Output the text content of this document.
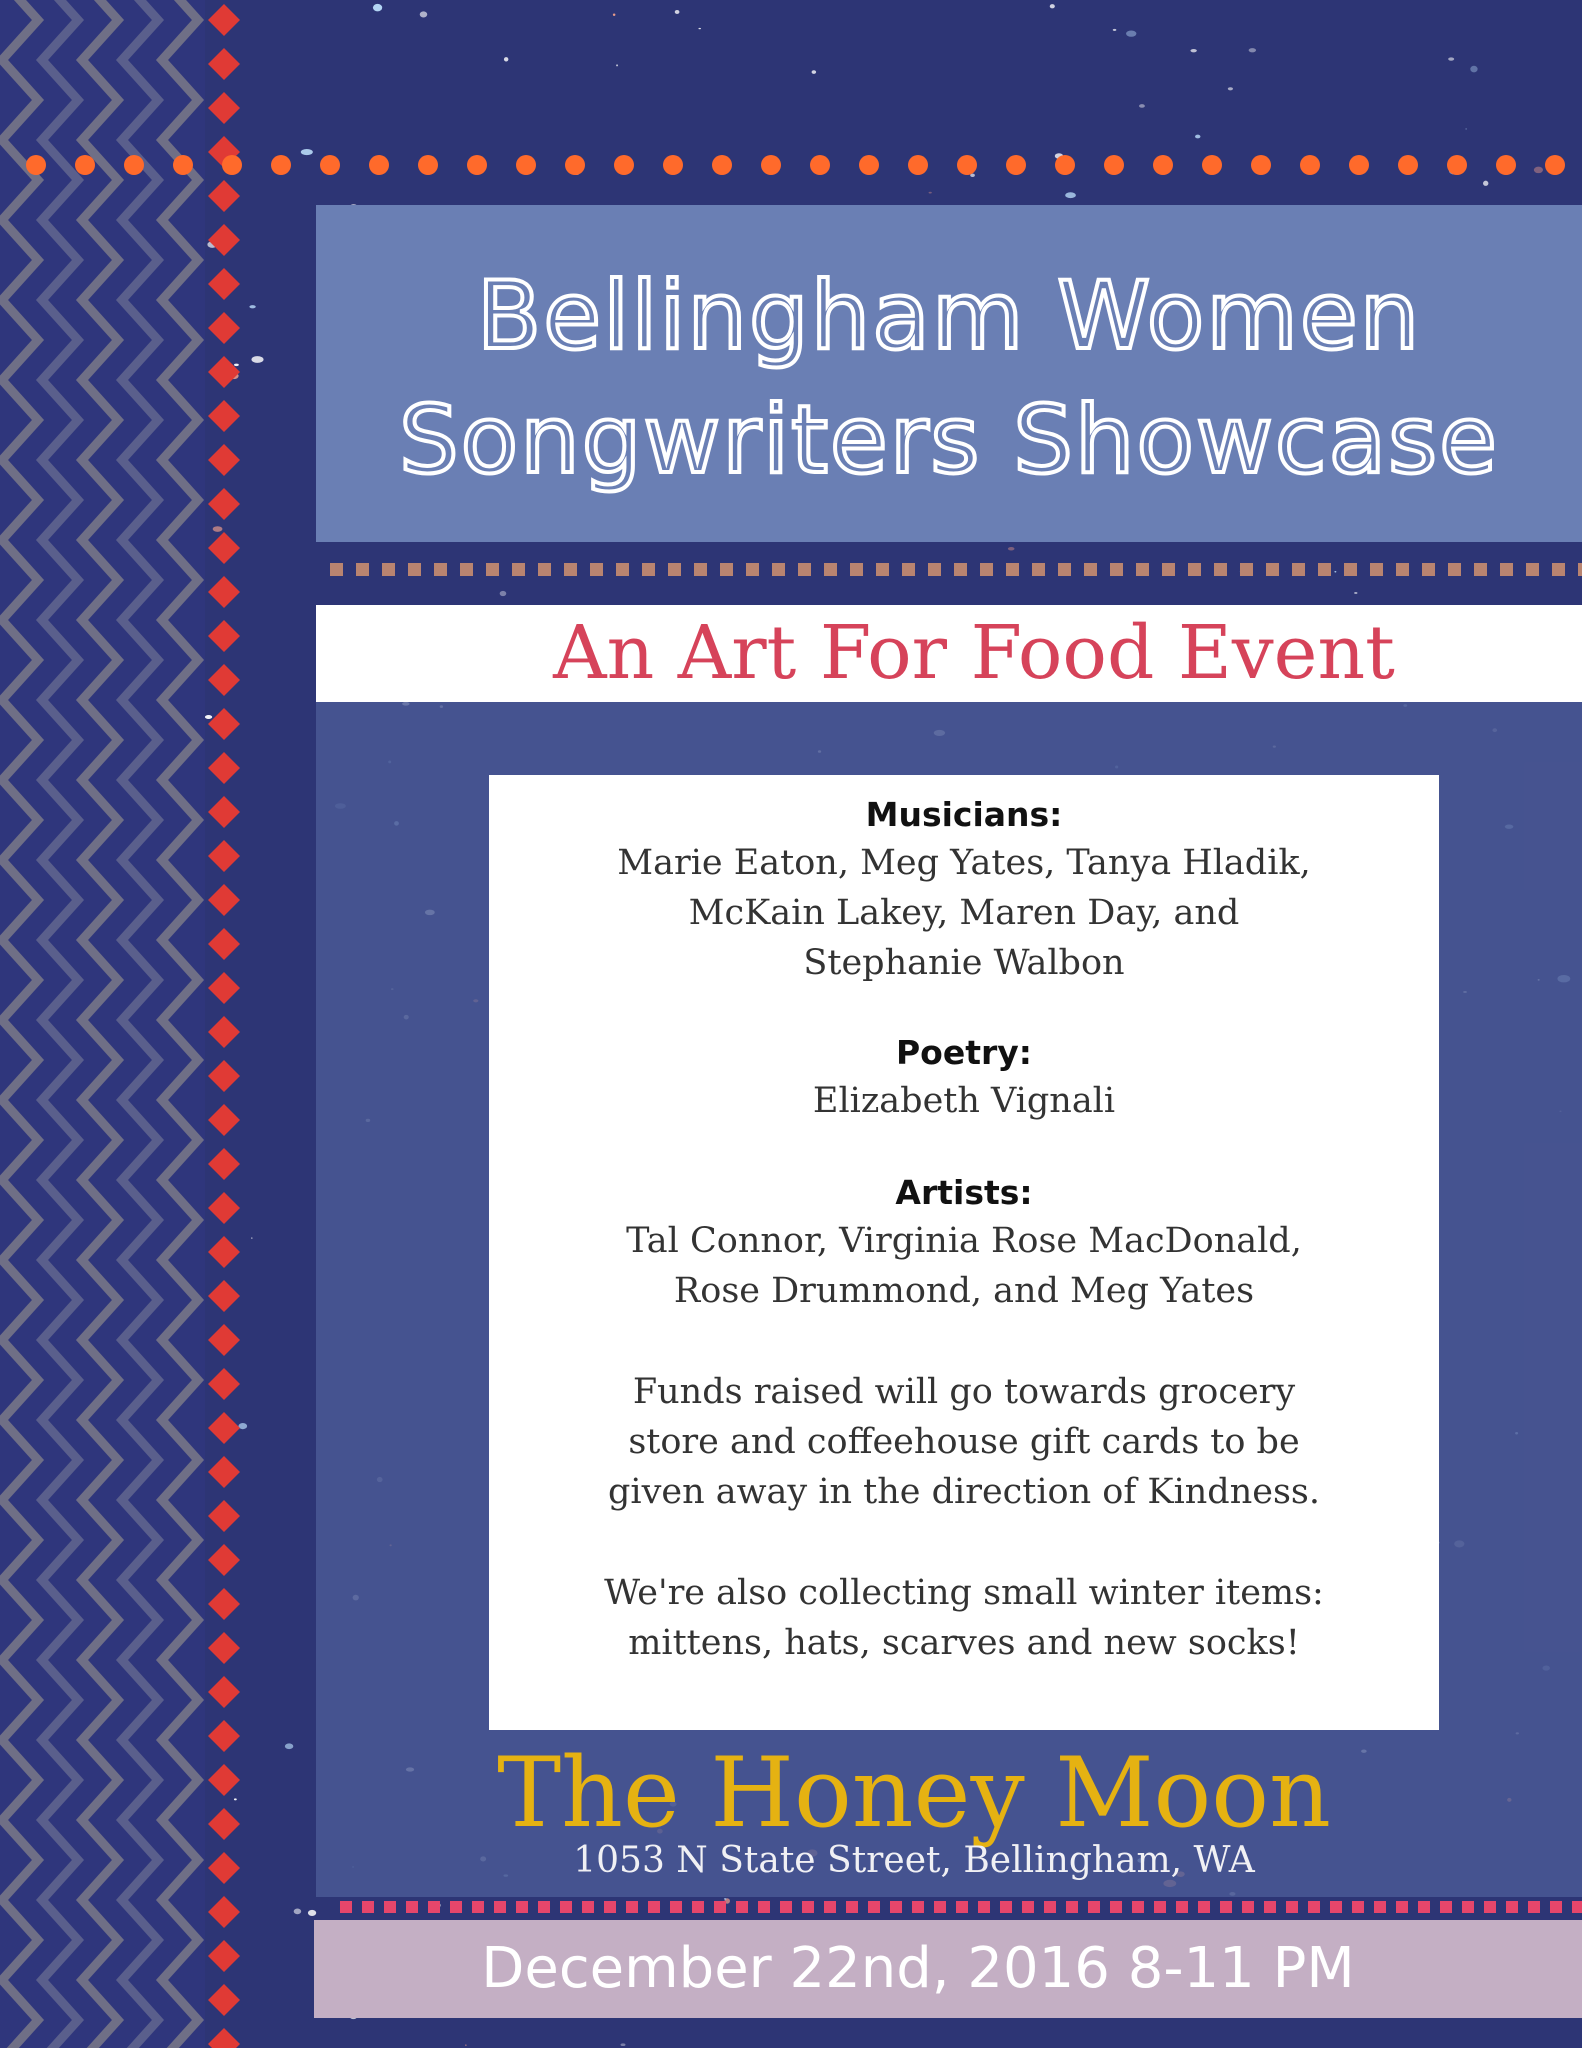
Bellingham Women
Songwriters Showcase
An Art For Food Event

Musicians:

Marie Eaton, Meg Yates, Tanya Hladik,
McKain Lakey, Maren Day, and
Stephanie Walbon

Poetry:

Elizabeth Vignali

Artists:

Tal Connor, Virginia Rose MacDonald,
Rose Drummond, and Meg Yates

Funds raised will go towards grocery
store and coffeehouse gift cards to be
given away in the direction of Kindness.

We're also collecting small winter items:
mittens, hats, scarves and new socks!

The Honey Moon
1053 N State Street, Bellingham, WA
December 22nd, 2016 8-11 PM
